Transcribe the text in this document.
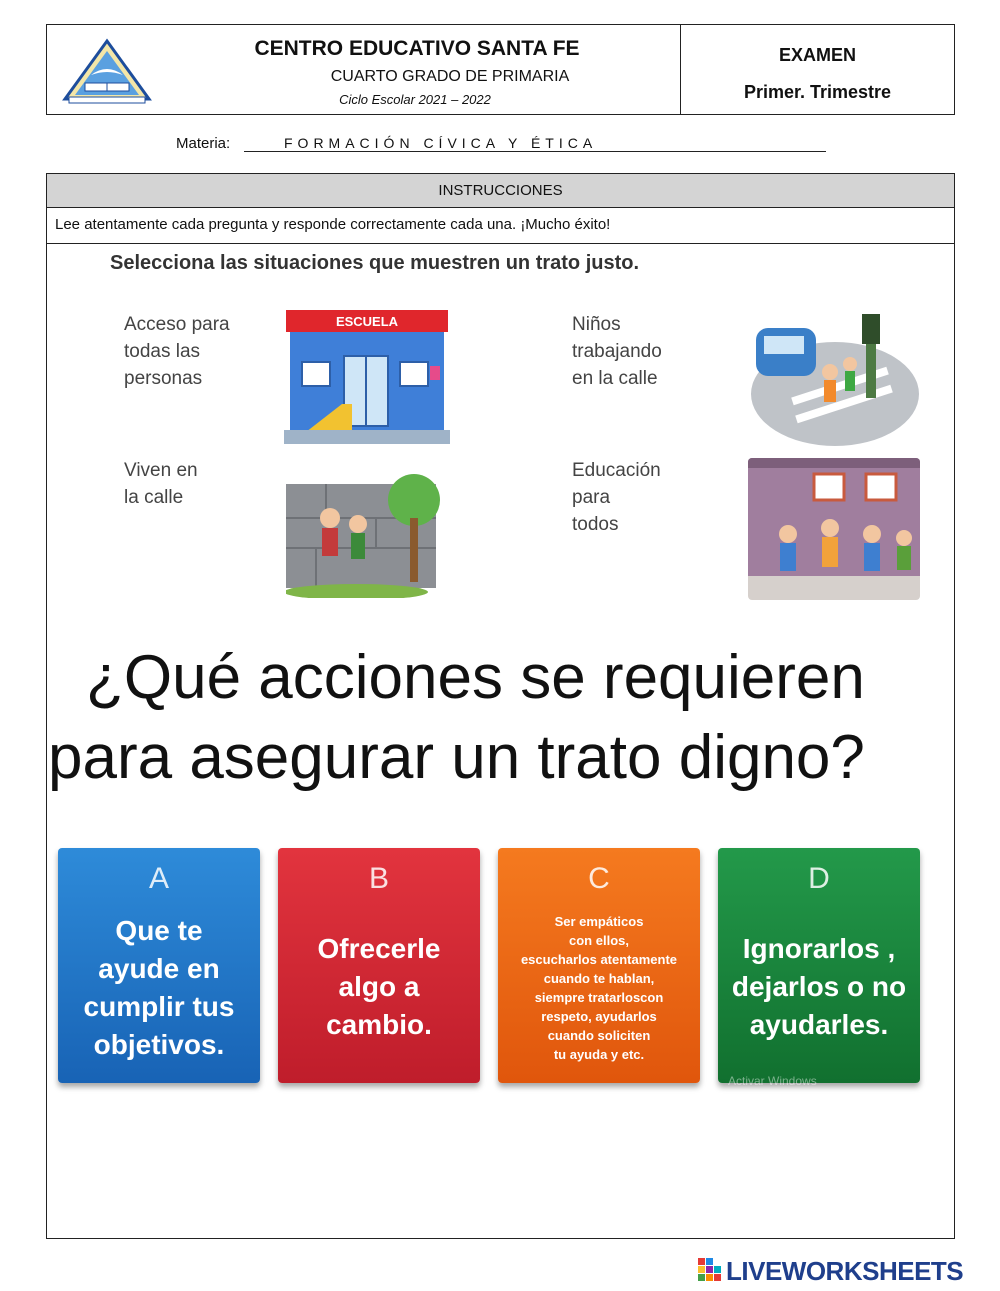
CENTRO EDUCATIVO SANTA FE
CUARTO GRADO DE PRIMARIA
Ciclo Escolar 2021 – 2022
EXAMEN
Primer. Trimestre
Materia:	FORMACIÓN CÍVICA Y ÉTICA
INSTRUCCIONES
Lee atentamente cada pregunta y responde correctamente cada una. ¡Mucho éxito!
Selecciona las situaciones que muestren un trato justo.
Acceso para
todas las
personas
ESCUELA	Niños
trabajando
en la calle
Viven en
la calle
Educación
para
todos
¿Qué acciones se requieren
para asegurar un trato digno?
A
Que te
ayude en
cumplir tus
objetivos.
B
Ofrecerle
algo a
cambio.
C
Ser empáticos
con ellos,
escucharlos atentamente
cuando te hablan,
siempre tratarloscon
respeto, ayudarlos
cuando soliciten
tu ayuda y etc.
D
Ignorarlos ,
dejarlos o no
ayudarles.
Activar Windows
LIVEWORKSHEETS
